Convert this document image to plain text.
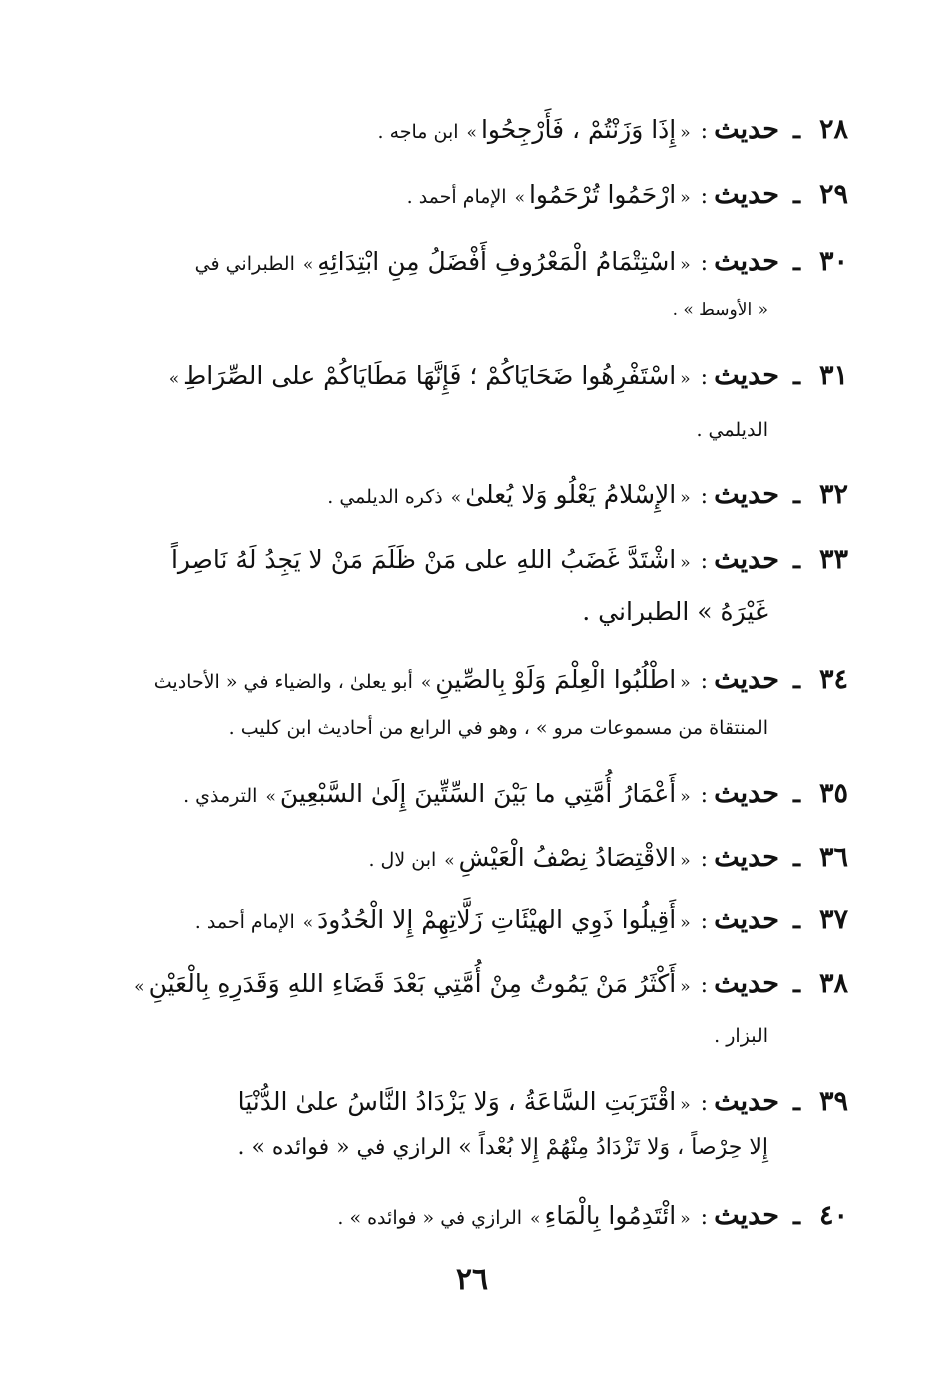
٢٨ـحديث:«إِذَا وَزَنْتُمْ ، فَأَرْجِحُوا»ابن ماجه .
٢٩ـحديث:«ارْحَمُوا تُرْحَمُوا»الإمام أحمد .
٣٠ـحديث:«اسْتِتْمَامُ الْمَعْرُوفِ أَفْضَلُ مِنِ ابْتِدَائِهِ»الطبراني في
« الأوسط » .
٣١ـحديث:«اسْتَفْرِهُوا ضَحَايَاكُمْ ؛ فَإِنَّهَا مَطَايَاكُمْ على الصِّرَاطِ»
الديلمي .
٣٢ـحديث:«الإِسْلامُ يَعْلُو وَلا يُعلىٰ»ذكره الديلمي .
٣٣ـحديث:«اشْتَدَّ غَضَبُ اللهِ على مَنْ ظَلَمَ مَنْ لا يَجِدُ لَهُ نَاصِراً
غَيْرَهُ » الطبراني .
٣٤ـحديث:«اطْلُبُوا الْعِلْمَ وَلَوْ بِالصِّينِ»أبو يعلىٰ ، والضياء في « الأحاديث
المنتقاة من مسموعات مرو » ، وهو في الرابع من أحاديث ابن كليب .
٣٥ـحديث:«أَعْمَارُ أُمَّتِي ما بَيْنَ السِّتِّينَ إِلَىٰ السَّبْعِينَ»الترمذي .
٣٦ـحديث:«الاقْتِصَادُ نِصْفُ الْعَيْشِ»ابن لال .
٣٧ـحديث:«أَقِيلُوا ذَوِي الهيْئَاتِ زَلَّاتِهِمْ إِلا الْحُدُودَ»الإمام أحمد .
٣٨ـحديث:«أَكْثَرُ مَنْ يَمُوتُ مِنْ أُمَّتِي بَعْدَ قَضَاءِ اللهِ وَقَدَرِهِ بِالْعَيْنِ»
البزار .
٣٩ـحديث:«اقْتَرَبَتِ السَّاعَةُ ، وَلا يَزْدَادُ النَّاسُ علىٰ الدُّنْيَا
إِلا حِرْصاً ، وَلا تَزْدَادُ مِنْهُمْ إِلا بُعْداً » الرازي في « فوائده » .
٤٠ـحديث:«ائْتَدِمُوا بِالْمَاءِ»الرازي في « فوائده » .
٢٦
